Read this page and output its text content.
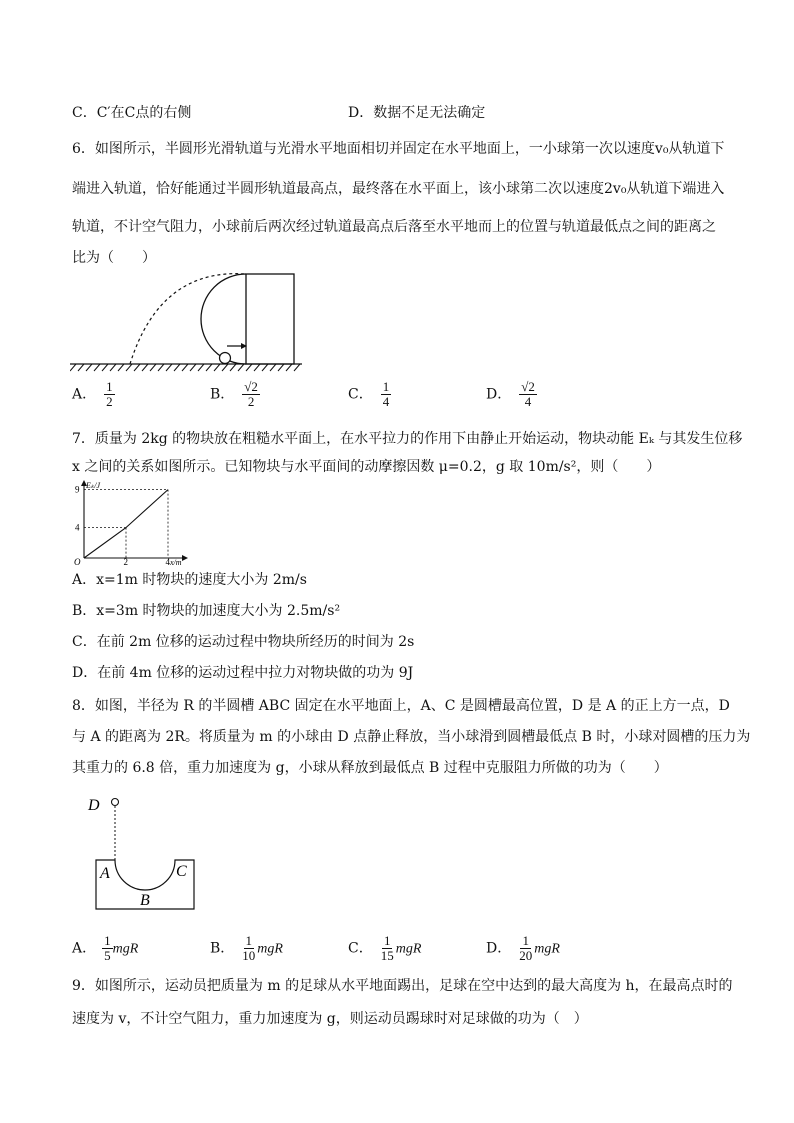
C．C′在C点的右侧	D．数据不足无法确定
6．如图所示，半圆形光滑轨道与光滑水平地面相切并固定在水平地面上，一小球第一次以速度v₀从轨道下
端进入轨道，恰好能通过半圆形轨道最高点，最终落在水平面上，该小球第二次以速度2v₀从轨道下端进入
轨道，不计空气阻力，小球前后两次经过轨道最高点后落至水平地而上的位置与轨道最低点之间的距离之
比为（　　）
A． $\frac{1}{2}$	B． $\frac{√2}{2}$	C． $\frac{1}{4}$	D． $\frac{√2}{4}$
7．质量为 2kg 的物块放在粗糙水平面上，在水平拉力的作用下由静止开始运动，物块动能 Eₖ 与其发生位移
x 之间的关系如图所示。已知物块与水平面间的动摩擦因数 μ=0.2，g 取 10m/s²，则（　　）
Eₖ/J
x/m
O
9
4
2	4
A．x=1m 时物块的速度大小为 2m/s
B．x=3m 时物块的加速度大小为 2.5m/s²
C．在前 2m 位移的运动过程中物块所经历的时间为 2s
D．在前 4m 位移的运动过程中拉力对物块做的功为 9J
8．如图，半径为 R 的半圆槽 ABC 固定在水平地面上，A、C 是圆槽最高位置，D 是 A 的正上方一点，D
与 A 的距离为 2R。将质量为 m 的小球由 D 点静止释放，当小球滑到圆槽最低点 B 时，小球对圆槽的压力为
其重力的 6.8 倍，重力加速度为 g，小球从释放到最低点 B 过程中克服阻力所做的功为（　　）
D
A
B
C
A． $\frac{1}{5}$ mgR	B． $\frac{1}{10}$ mgR	C． $\frac{1}{15}$ mgR	D． $\frac{1}{20}$ mgR
9．如图所示，运动员把质量为 m 的足球从水平地面踢出，足球在空中达到的最大高度为 h，在最高点时的
速度为 v，不计空气阻力，重力加速度为 g，则运动员踢球时对足球做的功为（　）
